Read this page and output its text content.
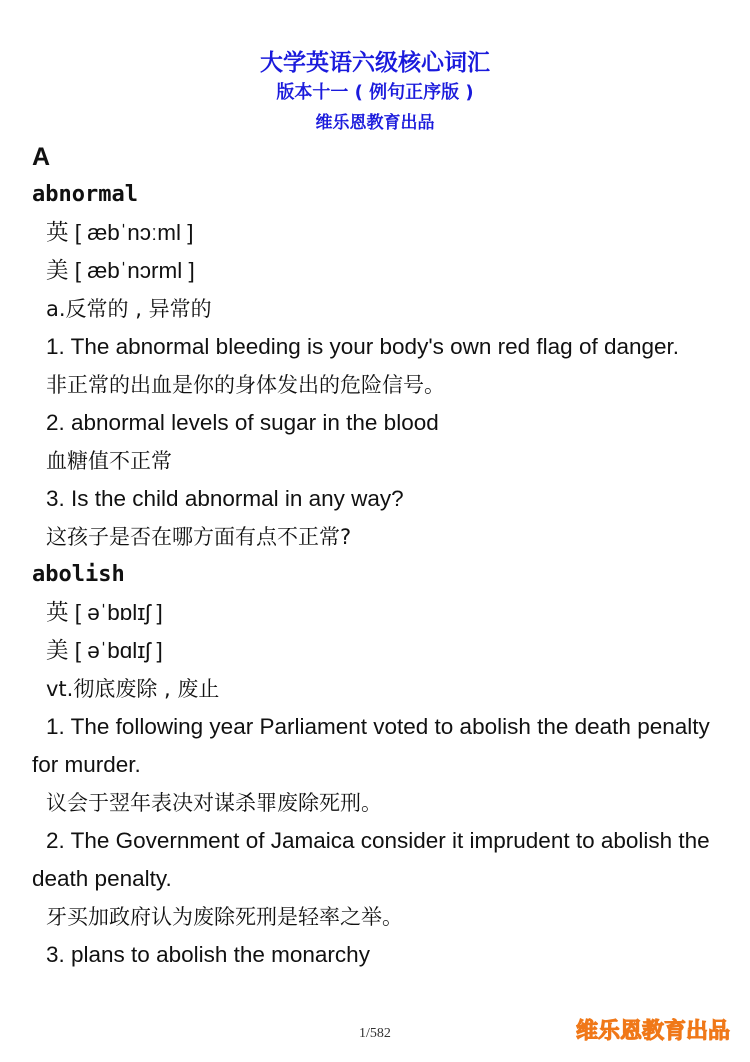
大学英语六级核心词汇
版本十一 ( 例句正序版 )
维乐恩教育出品
A
abnormal
英 [ æbˈnɔːml ]
美 [ æbˈnɔrml ]
a.反常的 , 异常的
1. The abnormal bleeding is your body's own red flag of danger.
非正常的出血是你的身体发出的危险信号。
2. abnormal levels of sugar in the blood
血糖值不正常
3. Is the child abnormal in any way?
这孩子是否在哪方面有点不正常?
abolish
英 [ əˈbɒlɪʃ ]
美 [ əˈbɑlɪʃ ]
vt.彻底废除 , 废止
1. The following year Parliament voted to abolish the death penalty for murder.
议会于翌年表决对谋杀罪废除死刑。
2. The Government of Jamaica consider it imprudent to abolish the death penalty.
牙买加政府认为废除死刑是轻率之举。
3. plans to abolish the monarchy
1/582	维乐恩教育出品
